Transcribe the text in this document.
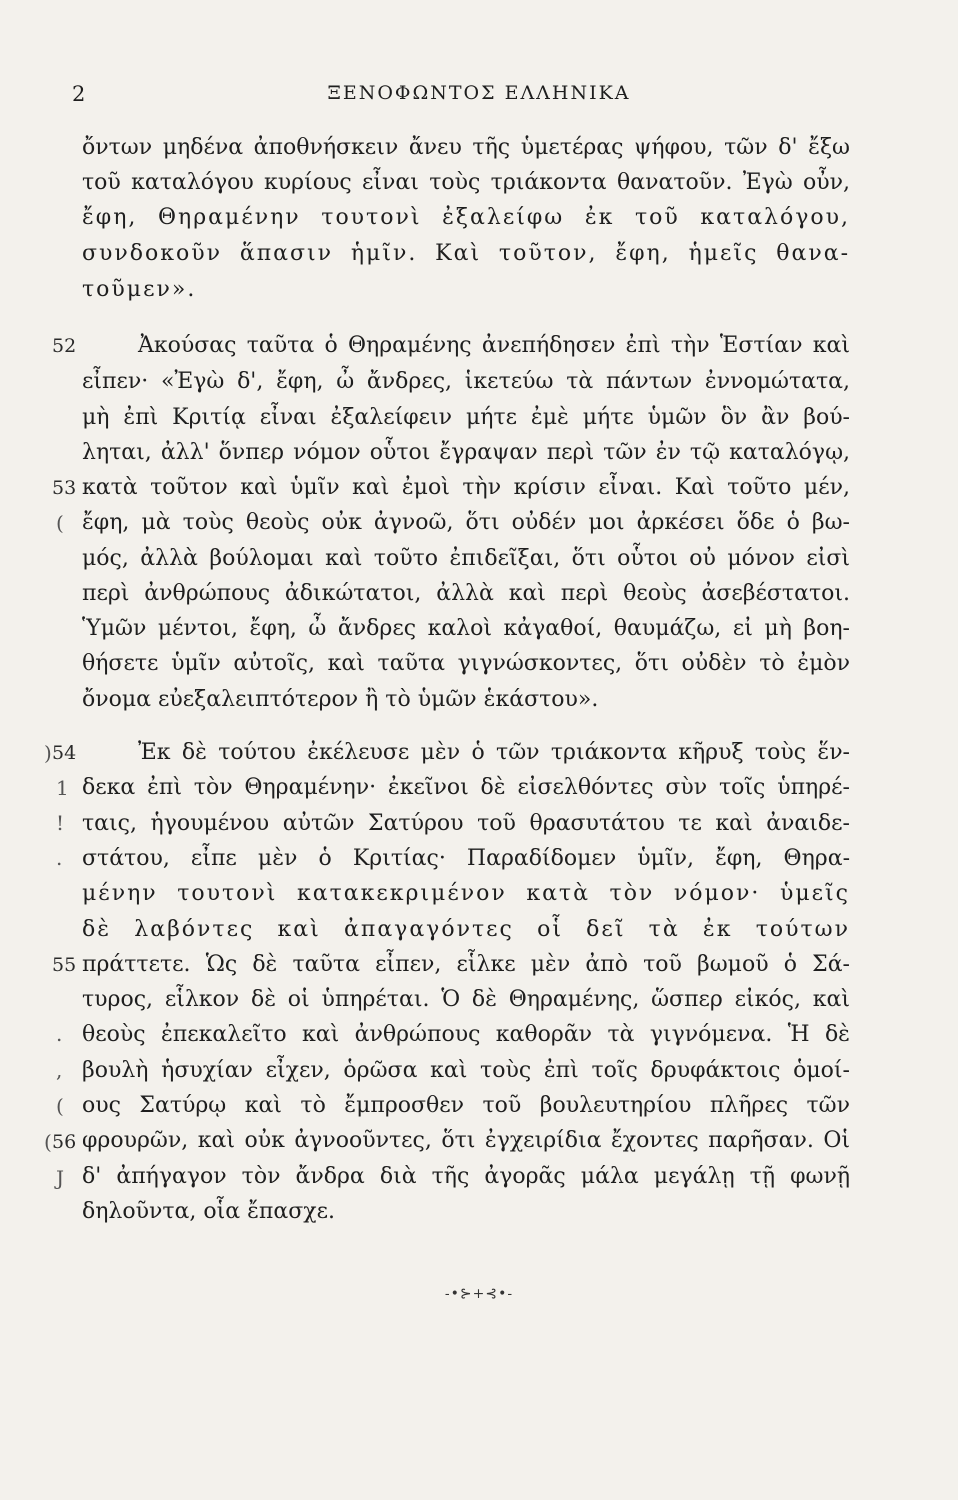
2	ΞΕΝΟΦΩΝΤΟΣ ΕΛΛΗΝΙΚΑ
52
53
54
55
56
(
)
1
!
.
.
,
(
(
J
ὄντων μηδένα ἀποθνήσκειν ἄνευ τῆς ὑμετέρας ψήφου, τῶν δ' ἔξω
τοῦ καταλόγου κυρίους εἶναι τοὺς τριάκοντα θανατοῦν. Ἐγὼ οὖν,
ἔφη, Θηραμένην τουτονὶ ἐξαλείφω ἐκ τοῦ καταλόγου,
συνδοκοῦν ἅπασιν ἡμῖν. Καὶ τοῦτον, ἔφη, ἡμεῖς θανα-
τοῦμεν».
Ἀκούσας ταῦτα ὁ Θηραμένης ἀνεπήδησεν ἐπὶ τὴν Ἑστίαν καὶ
εἶπεν· «Ἐγὼ δ', ἔφη, ὦ ἄνδρες, ἱκετεύω τὰ πάντων ἐννομώτατα,
μὴ ἐπὶ Κριτίᾳ εἶναι ἐξαλείφειν μήτε ἐμὲ μήτε ὑμῶν ὃν ἂν βού-
ληται, ἀλλ' ὅνπερ νόμον οὗτοι ἔγραψαν περὶ τῶν ἐν τῷ καταλόγῳ,
κατὰ τοῦτον καὶ ὑμῖν καὶ ἐμοὶ τὴν κρίσιν εἶναι. Καὶ τοῦτο μέν,
ἔφη, μὰ τοὺς θεοὺς οὐκ ἀγνοῶ, ὅτι οὐδέν μοι ἀρκέσει ὅδε ὁ βω-
μός, ἀλλὰ βούλομαι καὶ τοῦτο ἐπιδεῖξαι, ὅτι οὗτοι οὐ μόνον εἰσὶ
περὶ ἀνθρώπους ἀδικώτατοι, ἀλλὰ καὶ περὶ θεοὺς ἀσεβέστατοι.
Ὑμῶν μέντοι, ἔφη, ὦ ἄνδρες καλοὶ κἀγαθοί, θαυμάζω, εἰ μὴ βοη-
θήσετε ὑμῖν αὐτοῖς, καὶ ταῦτα γιγνώσκοντες, ὅτι οὐδὲν τὸ ἐμὸν
ὄνομα εὐεξαλειπτότερον ἢ τὸ ὑμῶν ἑκάστου».
Ἐκ δὲ τούτου ἐκέλευσε μὲν ὁ τῶν τριάκοντα κῆρυξ τοὺς ἕν-
δεκα ἐπὶ τὸν Θηραμένην· ἐκεῖνοι δὲ εἰσελθόντες σὺν τοῖς ὑπηρέ-
ταις, ἡγουμένου αὐτῶν Σατύρου τοῦ θρασυτάτου τε καὶ ἀναιδε-
στάτου, εἶπε μὲν ὁ Κριτίας· Παραδίδομεν ὑμῖν, ἔφη, Θηρα-
μένην τουτονὶ κατακεκριμένον κατὰ τὸν νόμον· ὑμεῖς
δὲ λαβόντες καὶ ἀπαγαγόντες οἷ δεῖ τὰ ἐκ τούτων
πράττετε. Ὡς δὲ ταῦτα εἶπεν, εἷλκε μὲν ἀπὸ τοῦ βωμοῦ ὁ Σά-
τυρος, εἷλκον δὲ οἱ ὑπηρέται. Ὁ δὲ Θηραμένης, ὥσπερ εἰκός, καὶ
θεοὺς ἐπεκαλεῖτο καὶ ἀνθρώπους καθορᾶν τὰ γιγνόμενα. Ἡ δὲ
βουλὴ ἡσυχίαν εἶχεν, ὁρῶσα καὶ τοὺς ἐπὶ τοῖς δρυφάκτοις ὁμοί-
ους Σατύρῳ καὶ τὸ ἔμπροσθεν τοῦ βουλευτηρίου πλῆρες τῶν
φρουρῶν, καὶ οὐκ ἀγνοοῦντες, ὅτι ἐγχειρίδια ἔχοντες παρῆσαν. Οἱ
δ' ἀπήγαγον τὸν ἄνδρα διὰ τῆς ἀγορᾶς μάλα μεγάλῃ τῇ φωνῇ
δηλοῦντα, οἷα ἔπασχε.
-•⊱+⊰•-
